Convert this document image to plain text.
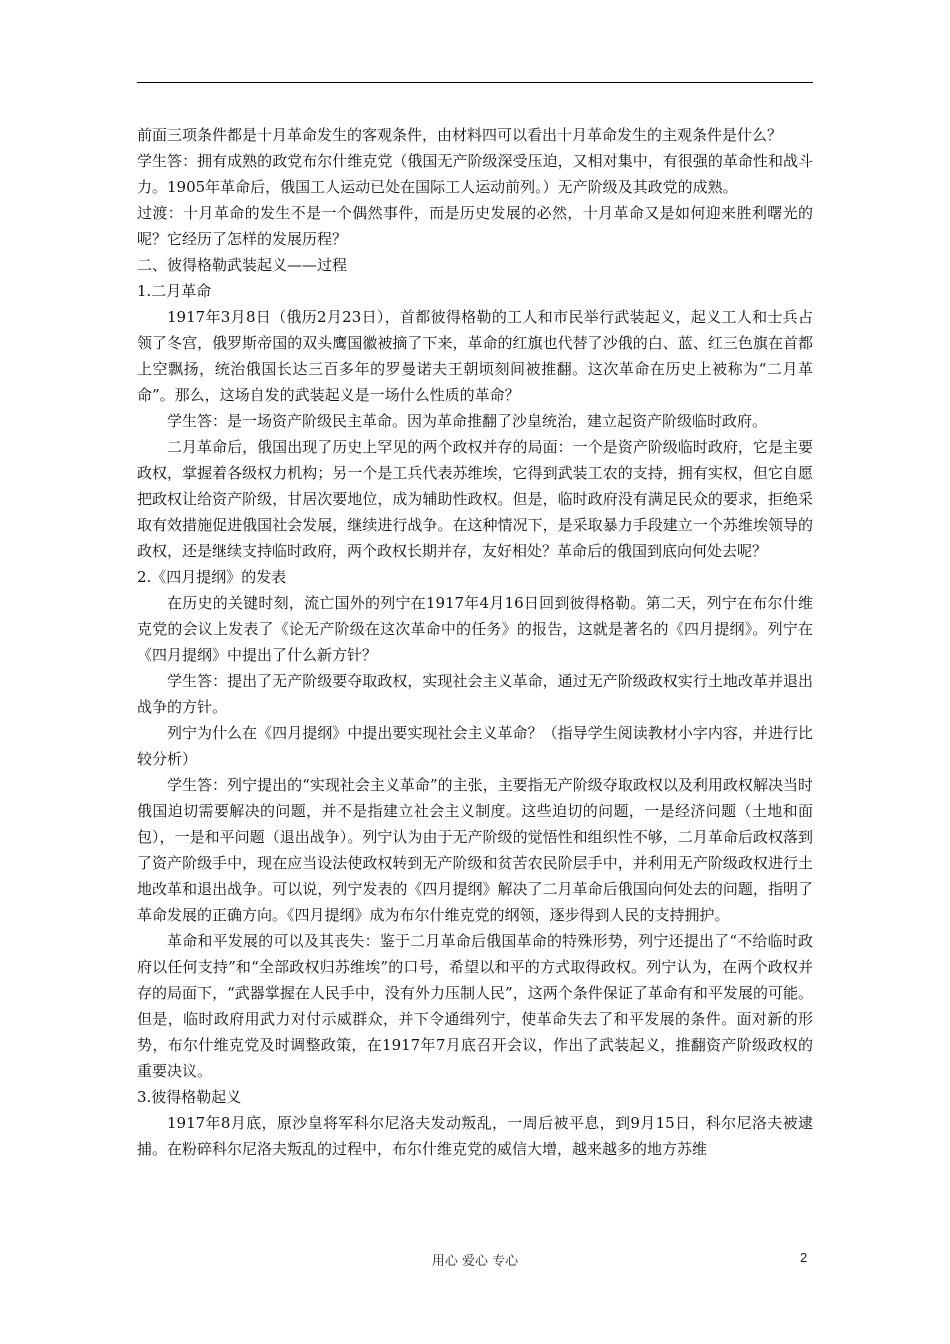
前面三项条件都是十月革命发生的客观条件，由材料四可以看出十月革命发生的主观条件是什么？

学生答：拥有成熟的政党布尔什维克党（俄国无产阶级深受压迫，又相对集中，有很强的革命性和战斗力。1905年革命后，俄国工人运动已处在国际工人运动前列。）无产阶级及其政党的成熟。

过渡：十月革命的发生不是一个偶然事件，而是历史发展的必然，十月革命又是如何迎来胜利曙光的呢？它经历了怎样的发展历程？

二、彼得格勒武装起义——过程

1.二月革命

1917年3月8日（俄历2月23日），首都彼得格勒的工人和市民举行武装起义，起义工人和士兵占领了冬宫，俄罗斯帝国的双头鹰国徽被摘了下来，革命的红旗也代替了沙俄的白、蓝、红三色旗在首都上空飘扬，统治俄国长达三百多年的罗曼诺夫王朝顷刻间被推翻。这次革命在历史上被称为“二月革命”。那么，这场自发的武装起义是一场什么性质的革命？

学生答：是一场资产阶级民主革命。因为革命推翻了沙皇统治，建立起资产阶级临时政府。

二月革命后，俄国出现了历史上罕见的两个政权并存的局面：一个是资产阶级临时政府，它是主要政权，掌握着各级权力机构；另一个是工兵代表苏维埃，它得到武装工农的支持，拥有实权，但它自愿把政权让给资产阶级，甘居次要地位，成为辅助性政权。但是，临时政府没有满足民众的要求，拒绝采取有效措施促进俄国社会发展，继续进行战争。在这种情况下，是采取暴力手段建立一个苏维埃领导的政权，还是继续支持临时政府，两个政权长期并存，友好相处？革命后的俄国到底向何处去呢？

2.《四月提纲》的发表

在历史的关键时刻，流亡国外的列宁在1917年4月16日回到彼得格勒。第二天，列宁在布尔什维克党的会议上发表了《论无产阶级在这次革命中的任务》的报告，这就是著名的《四月提纲》。列宁在《四月提纲》中提出了什么新方针？

学生答：提出了无产阶级要夺取政权，实现社会主义革命，通过无产阶级政权实行土地改革并退出战争的方针。

列宁为什么在《四月提纲》中提出要实现社会主义革命？（指导学生阅读教材小字内容，并进行比较分析）

学生答：列宁提出的“实现社会主义革命”的主张，主要指无产阶级夺取政权以及利用政权解决当时俄国迫切需要解决的问题，并不是指建立社会主义制度。这些迫切的问题，一是经济问题（土地和面包），一是和平问题（退出战争）。列宁认为由于无产阶级的觉悟性和组织性不够，二月革命后政权落到了资产阶级手中，现在应当设法使政权转到无产阶级和贫苦农民阶层手中，并利用无产阶级政权进行土地改革和退出战争。可以说，列宁发表的《四月提纲》解决了二月革命后俄国向何处去的问题，指明了革命发展的正确方向。《四月提纲》成为布尔什维克党的纲领，逐步得到人民的支持拥护。

革命和平发展的可以及其丧失：鉴于二月革命后俄国革命的特殊形势，列宁还提出了“不给临时政府以任何支持”和“全部政权归苏维埃”的口号，希望以和平的方式取得政权。列宁认为，在两个政权并存的局面下，“武器掌握在人民手中，没有外力压制人民”，这两个条件保证了革命有和平发展的可能。但是，临时政府用武力对付示威群众，并下令通缉列宁，使革命失去了和平发展的条件。面对新的形势，布尔什维克党及时调整政策，在1917年7月底召开会议，作出了武装起义，推翻资产阶级政权的重要决议。

3.彼得格勒起义

1917年8月底，原沙皇将军科尔尼洛夫发动叛乱，一周后被平息，到9月15日，科尔尼洛夫被逮捕。在粉碎科尔尼洛夫叛乱的过程中，布尔什维克党的威信大增，越来越多的地方苏维

用心 爱心 专心	2
